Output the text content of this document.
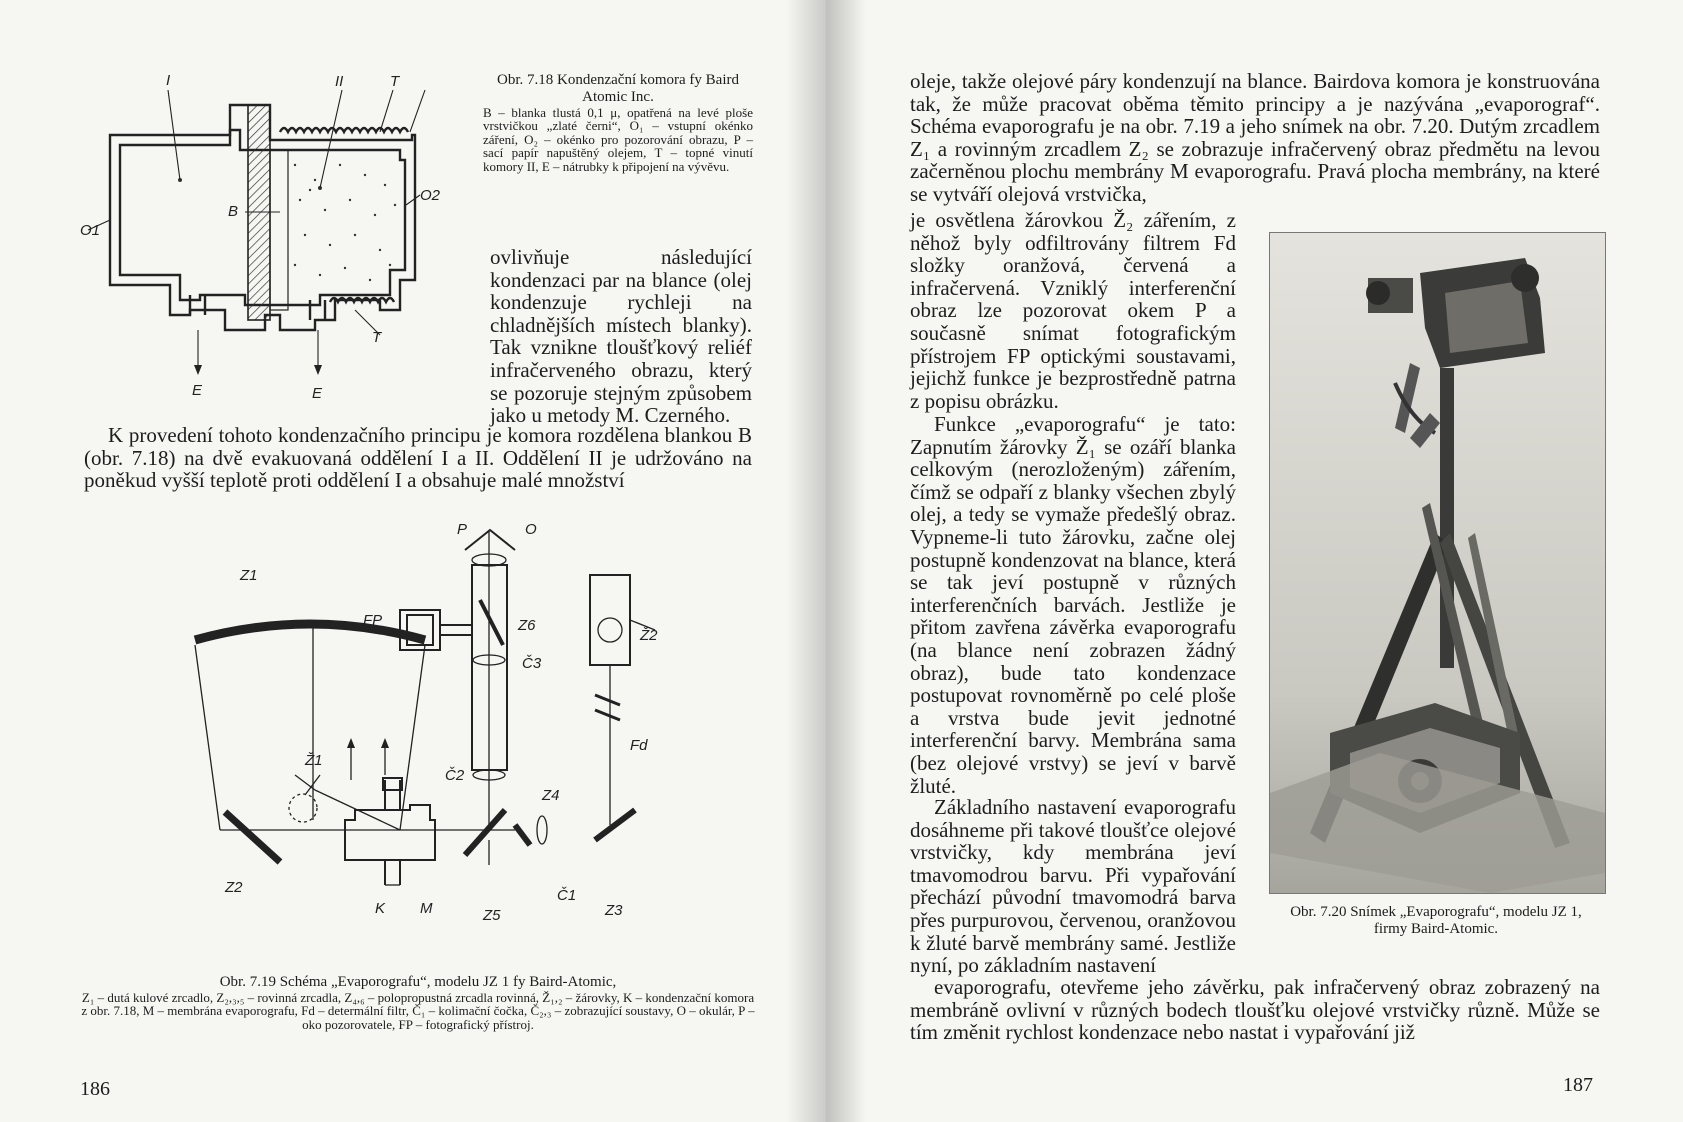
I	II	T
O1
O2
B
T
E	E
Obr. 7.18 Kondenzační komora fy Baird Atomic Inc.
B – blanka tlustá 0,1 μ, opatřená na levé ploše vrstvičkou „zlaté černi“, O₁ – vstupní okénko záření, O₂ – okénko pro pozorování obrazu, P – sací papír napuštěný olejem, T – topné vinutí komory II, E – nátrubky k připojení na vývěvu.
ovlivňuje následující kondenzaci par na blance (olej kondenzuje rychleji na chladnějších místech blanky). Tak vznikne tloušťkový reliéf infračerveného obrazu, který se pozoruje stejným způsobem jako u metody M. Czerného.
K provedení tohoto kondenzačního principu je komora rozdělena blankou B (obr. 7.18) na dvě evakuovaná oddělení I a II. Oddělení II je udržováno na poněkud vyšší teplotě proti oddělení I a obsahuje malé množství
Z1
P	O
FP	Z6
Ž2
Č3
Fd
Ž1
Č2
Z4
Z2
Z5
Č1
Z3
K M
Obr. 7.19 Schéma „Evaporografu“, modelu JZ 1 fy Baird-Atomic,
Z₁ – dutá kulové zrcadlo, Z₂,₃,₅ – rovinná zrcadla, Z₄,₆ – polopropustná zrcadla rovinná, Ž₁,₂ – žárovky, K – kondenzační komora z obr. 7.18, M – membrána evaporografu, Fd – determální filtr, Č₁ – kolimační čočka, Č₂,₃ – zobrazující soustavy, O – okulár, P – oko pozorovatele, FP – fotografický přístroj.
186
oleje, takže olejové páry kondenzují na blance. Bairdova komora je konstruována tak, že může pracovat oběma těmito principy a je nazývána „evaporograf“. Schéma evaporografu je na obr. 7.19 a jeho snímek na obr. 7.20. Dutým zrcadlem Z₁ a rovinným zrcadlem Z₂ se zobrazuje infračervený obraz předmětu na levou začerněnou plochu membrány M evaporografu. Pravá plocha membrány, na které se vytváří olejová vrstvička,
je osvětlena žárovkou Ž₂ zářením, z něhož byly odfiltrovány filtrem Fd složky oranžová, červená a infračervená. Vzniklý interferenční obraz lze pozorovat okem P a současně snímat fotografickým přístrojem FP optickými soustavami, jejichž funkce je bezprostředně patrna z popisu obrázku.
Funkce „evaporografu“ je tato: Zapnutím žárovky Ž₁ se ozáří blanka celkovým (nerozloženým) zářením, čímž se odpaří z blanky všechen zbylý olej, a tedy se vymaže předešlý obraz. Vypneme-li tuto žárovku, začne olej postupně kondenzovat na blance, která se tak jeví postupně v různých interferenčních barvách. Jestliže je přitom zavřena závěrka evaporografu (na blance není zobrazen žádný obraz), bude tato kondenzace postupovat rovnoměrně po celé ploše a vrstva bude jevit jednotné interferenční barvy. Membrána sama (bez olejové vrstvy) se jeví v barvě žluté.
Základního nastavení evaporografu dosáhneme při takové tloušťce olejové vrstvičky, kdy membrána jeví tmavomodrou barvu. Při vypařování přechází původní tmavomodrá barva přes purpurovou, červenou, oranžovou k žluté barvě membrány samé. Jestliže nyní, po základním nastavení
Obr. 7.20 Snímek „Evaporografu“, modelu JZ 1, firmy Baird-Atomic.
evaporografu, otevřeme jeho závěrku, pak infračervený obraz zobrazený na membráně ovlivní v různých bodech tloušťku olejové vrstvičky různě. Může se tím změnit rychlost kondenzace nebo nastat i vypařování již
187
